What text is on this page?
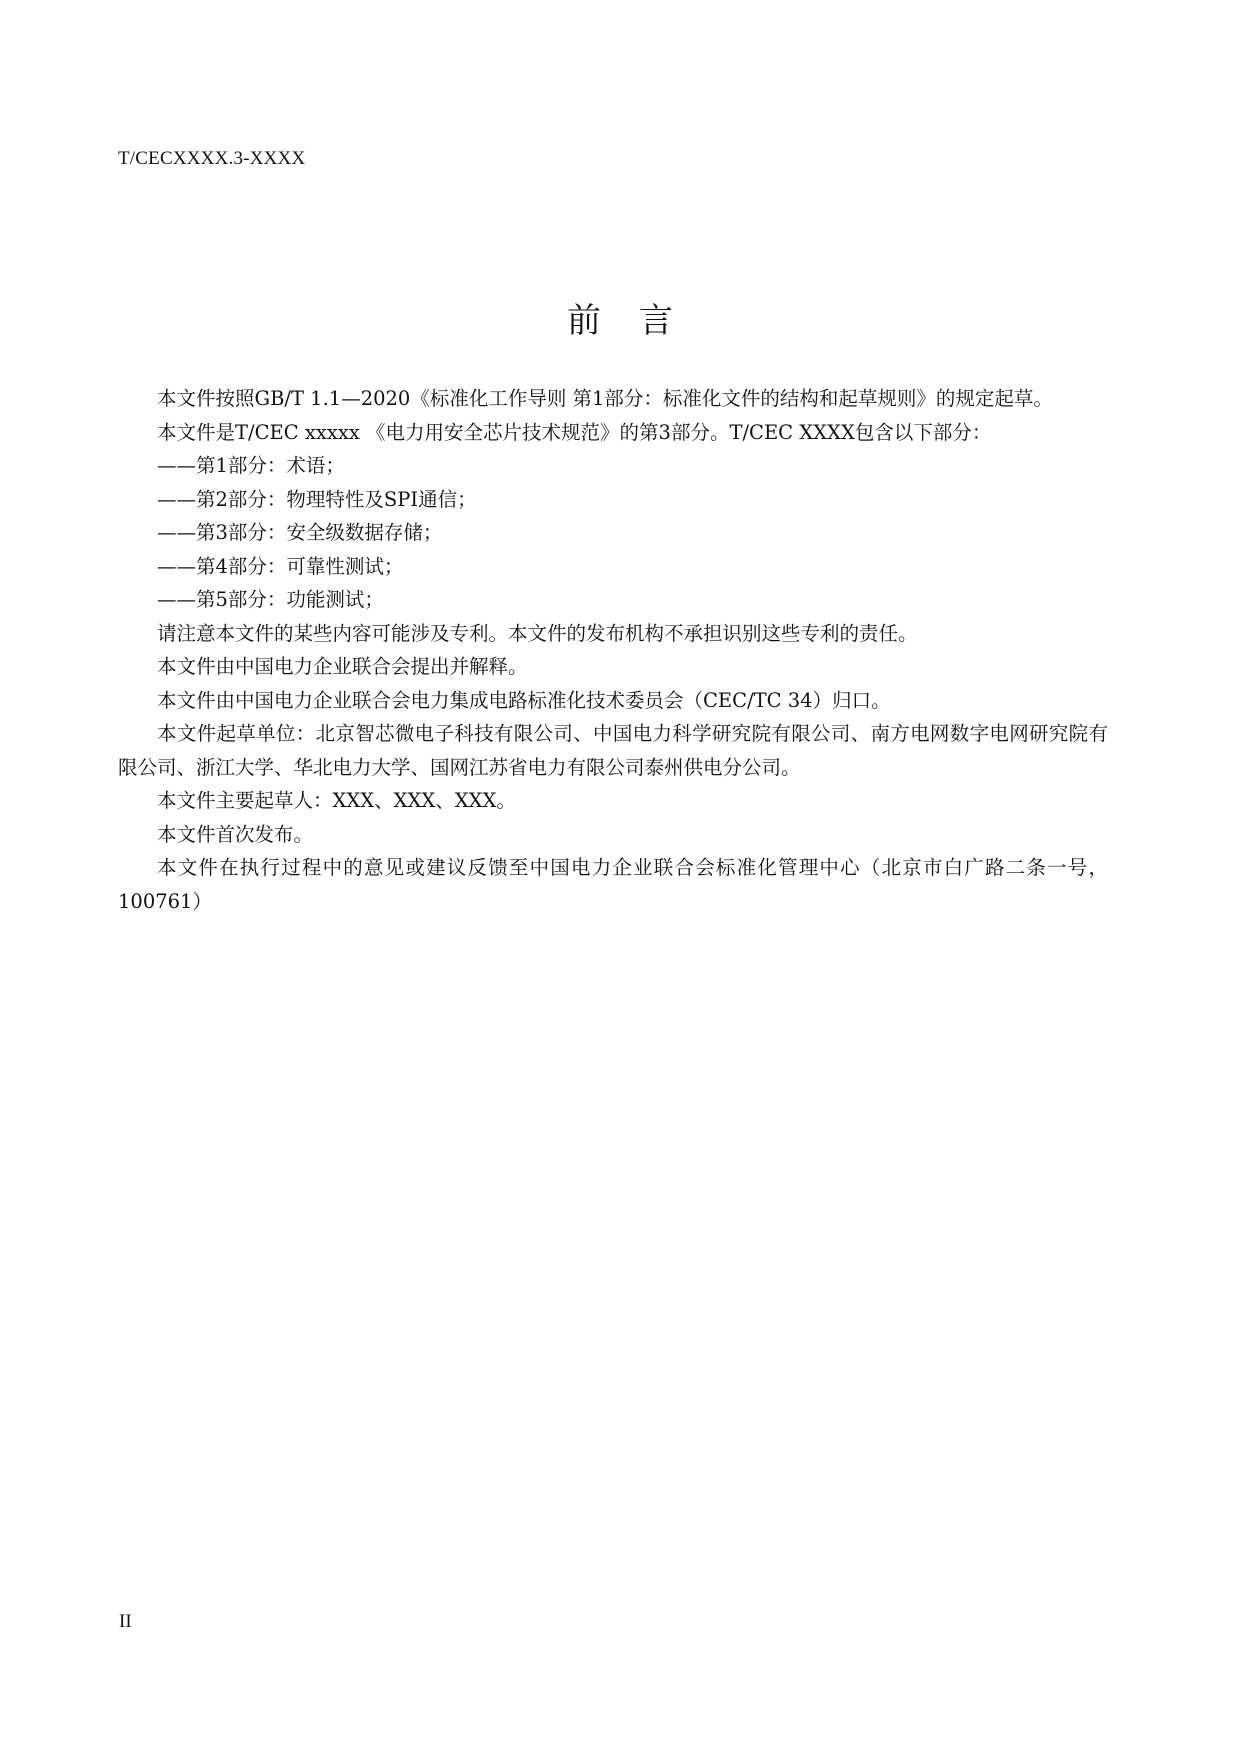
T/CECXXXX.3-XXXX
前言

本文件按照GB/T 1.1—2020《标准化工作导则 第1部分：标准化文件的结构和起草规则》的规定起草。

本文件是T/CEC xxxxx 《电力用安全芯片技术规范》的第3部分。T/CEC XXXX包含以下部分：

——第1部分：术语；

——第2部分：物理特性及SPI通信；

——第3部分：安全级数据存储；

——第4部分：可靠性测试；

——第5部分：功能测试；

请注意本文件的某些内容可能涉及专利。本文件的发布机构不承担识别这些专利的责任。

本文件由中国电力企业联合会提出并解释。

本文件由中国电力企业联合会电力集成电路标准化技术委员会（CEC/TC 34）归口。

本文件起草单位：北京智芯微电子科技有限公司、中国电力科学研究院有限公司、南方电网数字电网研究院有限公司、浙江大学、华北电力大学、国网江苏省电力有限公司泰州供电分公司。

本文件主要起草人：XXX、XXX、XXX。

本文件首次发布。

本文件在执行过程中的意见或建议反馈至中国电力企业联合会标准化管理中心（北京市白广路二条一号，100761）

II
